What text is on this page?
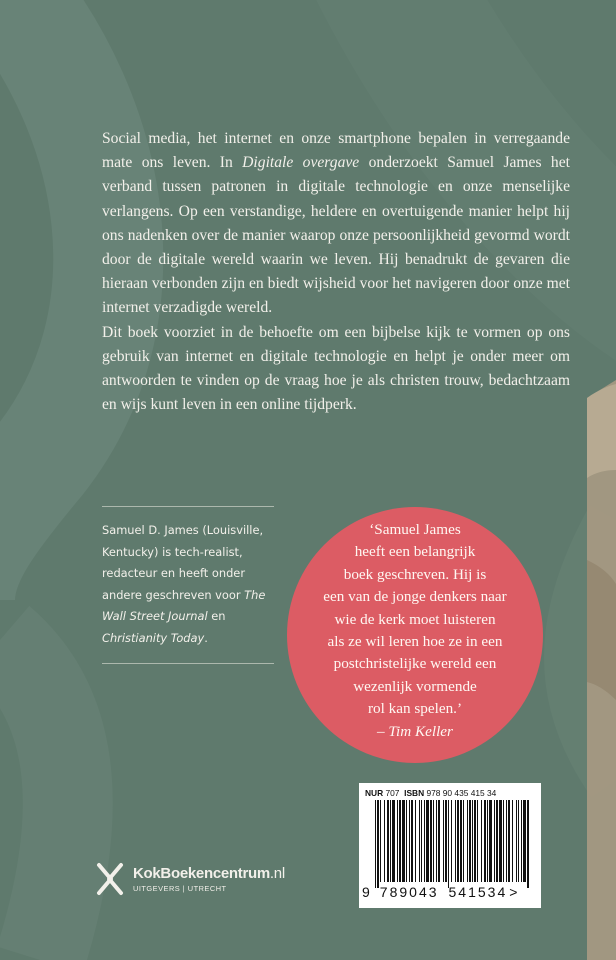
Social media, het internet en onze smartphone bepalen in verregaande mate ons leven. In Digitale overgave onderzoekt Samuel James het verband tussen patronen in digitale technologie en onze menselijke verlangens. Op een verstandige, heldere en overtuigende manier helpt hij ons nadenken over de manier waarop onze persoonlijkheid gevormd wordt door de digitale wereld waarin we leven. Hij benadrukt de gevaren die hieraan verbonden zijn en biedt wijsheid voor het navigeren door onze met internet verzadigde wereld.

Dit boek voorziet in de behoefte om een bijbelse kijk te vormen op ons gebruik van internet en digitale technologie en helpt je onder meer om antwoorden te vinden op de vraag hoe je als christen trouw, bedachtzaam en wijs kunt leven in een online tijdperk.

Samuel D. James (Louisville, Kentucky) is tech-realist, redacteur en heeft onder andere geschreven voor The Wall Street Journal en Christianity Today.
‘Samuel James
heeft een belangrijk
boek geschreven. Hij is
een van de jonge denkers naar
wie de kerk moet luisteren
als ze wil leren hoe ze in een
postchristelijke wereld een
wezenlijk vormende
rol kan spelen.’
– Tim Keller
NUR 707 ISBN 978 90 435 415 34
9 789043 541534 >
KokBoekencentrum.nl
UITGEVERS | UTRECHT
